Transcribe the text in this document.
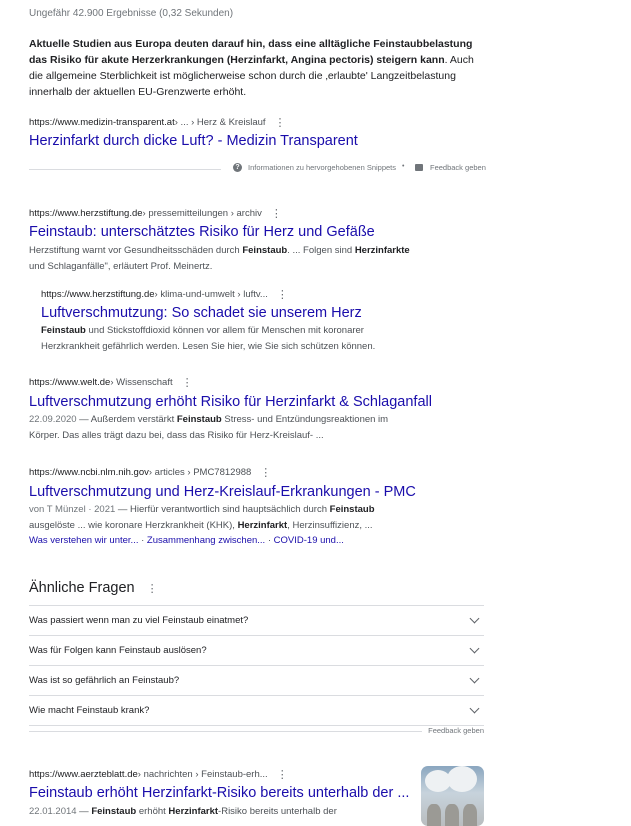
Ungefähr 42.900 Ergebnisse (0,32 Sekunden)
Aktuelle Studien aus Europa deuten darauf hin, dass eine alltägliche Feinstaubbelastung das Risiko für akute Herzerkrankungen (Herzinfarkt, Angina pectoris) steigern kann. Auch die allgemeine Sterblichkeit ist möglicherweise schon durch die ‚erlaubte' Langzeitbelastung innerhalb der aktuellen EU-Grenzwerte erhöht.
https://www.medizin-transparent.at › ... › Herz & Kreislauf ⋮
Herzinfarkt durch dicke Luft? - Medizin Transparent
?	Informationen zu hervorgehobenen Snippets •	Feedback geben
https://www.herzstiftung.de › pressemitteilungen › archiv ⋮
Feinstaub: unterschätztes Risiko für Herz und Gefäße
Herzstiftung warnt vor Gesundheitsschäden durch Feinstaub. ... Folgen sind Herzinfarkte
und Schlaganfälle", erläutert Prof. Meinertz.
https://www.herzstiftung.de › klima-und-umwelt › luftv... ⋮
Luftverschmutzung: So schadet sie unserem Herz
Feinstaub und Stickstoffdioxid können vor allem für Menschen mit koronarer
Herzkrankheit gefährlich werden. Lesen Sie hier, wie Sie sich schützen können.
https://www.welt.de › Wissenschaft ⋮
Luftverschmutzung erhöht Risiko für Herzinfarkt & Schlaganfall
22.09.2020 — Außerdem verstärkt Feinstaub Stress- und Entzündungsreaktionen im
Körper. Das alles trägt dazu bei, dass das Risiko für Herz-Kreislauf- ...
https://www.ncbi.nlm.nih.gov › articles › PMC7812988 ⋮
Luftverschmutzung und Herz-Kreislauf-Erkrankungen - PMC
von T Münzel · 2021 — Hierfür verantwortlich sind hauptsächlich durch Feinstaub
ausgelöste ... wie koronare Herzkrankheit (KHK), Herzinfarkt, Herzinsuffizienz, ...
Was verstehen wir unter... · Zusammenhang zwischen... · COVID-19 und...
Ähnliche Fragen ⋮
Was passiert wenn man zu viel Feinstaub einatmet?
Was für Folgen kann Feinstaub auslösen?
Was ist so gefährlich an Feinstaub?
Wie macht Feinstaub krank?
Feedback geben
https://www.aerzteblatt.de › nachrichten › Feinstaub-erh... ⋮
Feinstaub erhöht Herzinfarkt-Risiko bereits unterhalb der ...
22.01.2014 — Feinstaub erhöht Herzinfarkt-Risiko bereits unterhalb der
